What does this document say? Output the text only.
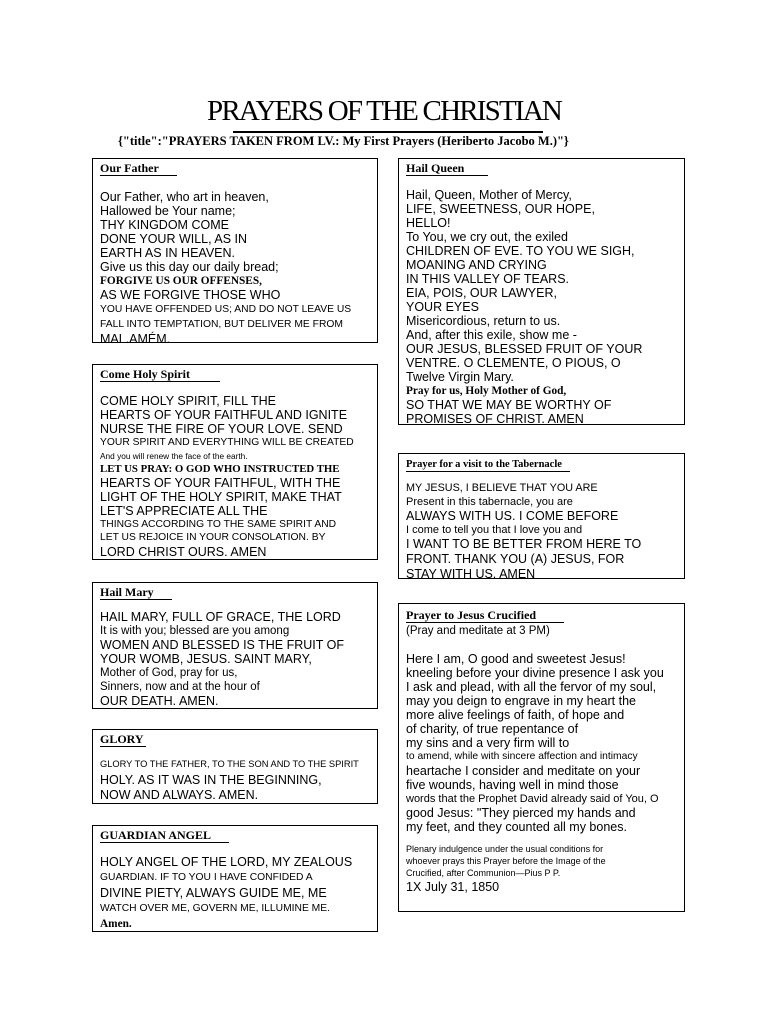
PRAYERS OF THE CHRISTIAN
{"title":"PRAYERS TAKEN FROM LV.: My First Prayers (Heriberto Jacobo M.)"}
Our Father
Our Father, who art in heaven,
Hallowed be Your name;
THY KINGDOM COME
DONE YOUR WILL, AS IN
EARTH AS IN HEAVEN.
Give us this day our daily bread;
FORGIVE US OUR OFFENSES,
AS WE FORGIVE THOSE WHO
YOU HAVE OFFENDED US; AND DO NOT LEAVE US
FALL INTO TEMPTATION, BUT DELIVER ME FROM
MAL.AMÉM.
Come Holy Spirit
COME HOLY SPIRIT, FILL THE
HEARTS OF YOUR FAITHFUL AND IGNITE
NURSE THE FIRE OF YOUR LOVE. SEND
YOUR SPIRIT AND EVERYTHING WILL BE CREATED
And you will renew the face of the earth.
LET US PRAY: O GOD WHO INSTRUCTED THE
HEARTS OF YOUR FAITHFUL, WITH THE
LIGHT OF THE HOLY SPIRIT, MAKE THAT
LET'S APPRECIATE ALL THE
THINGS ACCORDING TO THE SAME SPIRIT AND
LET US REJOICE IN YOUR CONSOLATION. BY
LORD CHRIST OURS. AMEN
Hail Mary
HAIL MARY, FULL OF GRACE, THE LORD
It is with you; blessed are you among
WOMEN AND BLESSED IS THE FRUIT OF
YOUR WOMB, JESUS. SAINT MARY,
Mother of God, pray for us,
Sinners, now and at the hour of
OUR DEATH. AMEN.
GLORY
GLORY TO THE FATHER, TO THE SON AND TO THE SPIRIT
HOLY. AS IT WAS IN THE BEGINNING,
NOW AND ALWAYS. AMEN.
GUARDIAN ANGEL
HOLY ANGEL OF THE LORD, MY ZEALOUS
GUARDIAN. IF TO YOU I HAVE CONFIDED A
DIVINE PIETY, ALWAYS GUIDE ME, ME
WATCH OVER ME, GOVERN ME, ILLUMINE ME.
Amen.
Hail Queen
Hail, Queen, Mother of Mercy,
LIFE, SWEETNESS, OUR HOPE,
HELLO!
To You, we cry out, the exiled
CHILDREN OF EVE. TO YOU WE SIGH,
MOANING AND CRYING
IN THIS VALLEY OF TEARS.
EIA, POIS, OUR LAWYER,
YOUR EYES
Misericordious, return to us.
And, after this exile, show me -
OUR JESUS, BLESSED FRUIT OF YOUR
VENTRE. O CLEMENTE, O PIOUS, O
Twelve Virgin Mary.
Pray for us, Holy Mother of God,
SO THAT WE MAY BE WORTHY OF
PROMISES OF CHRIST. AMEN
Prayer for a visit to the Tabernacle
MY JESUS, I BELIEVE THAT YOU ARE
Present in this tabernacle, you are
ALWAYS WITH US. I COME BEFORE
I come to tell you that I love you and
I WANT TO BE BETTER FROM HERE TO
FRONT. THANK YOU (A) JESUS, FOR
STAY WITH US. AMEN
Prayer to Jesus Crucified
(Pray and meditate at 3 PM)
Here I am, O good and sweetest Jesus!
kneeling before your divine presence I ask you
I ask and plead, with all the fervor of my soul,
may you deign to engrave in my heart the
more alive feelings of faith, of hope and
of charity, of true repentance of
my sins and a very firm will to
to amend, while with sincere affection and intimacy
heartache I consider and meditate on your
five wounds, having well in mind those
words that the Prophet David already said of You, O
good Jesus: "They pierced my hands and
my feet, and they counted all my bones.
Plenary indulgence under the usual conditions for
whoever prays this Prayer before the Image of the
Crucified, after Communion—Pius P P.
1X July 31, 1850
